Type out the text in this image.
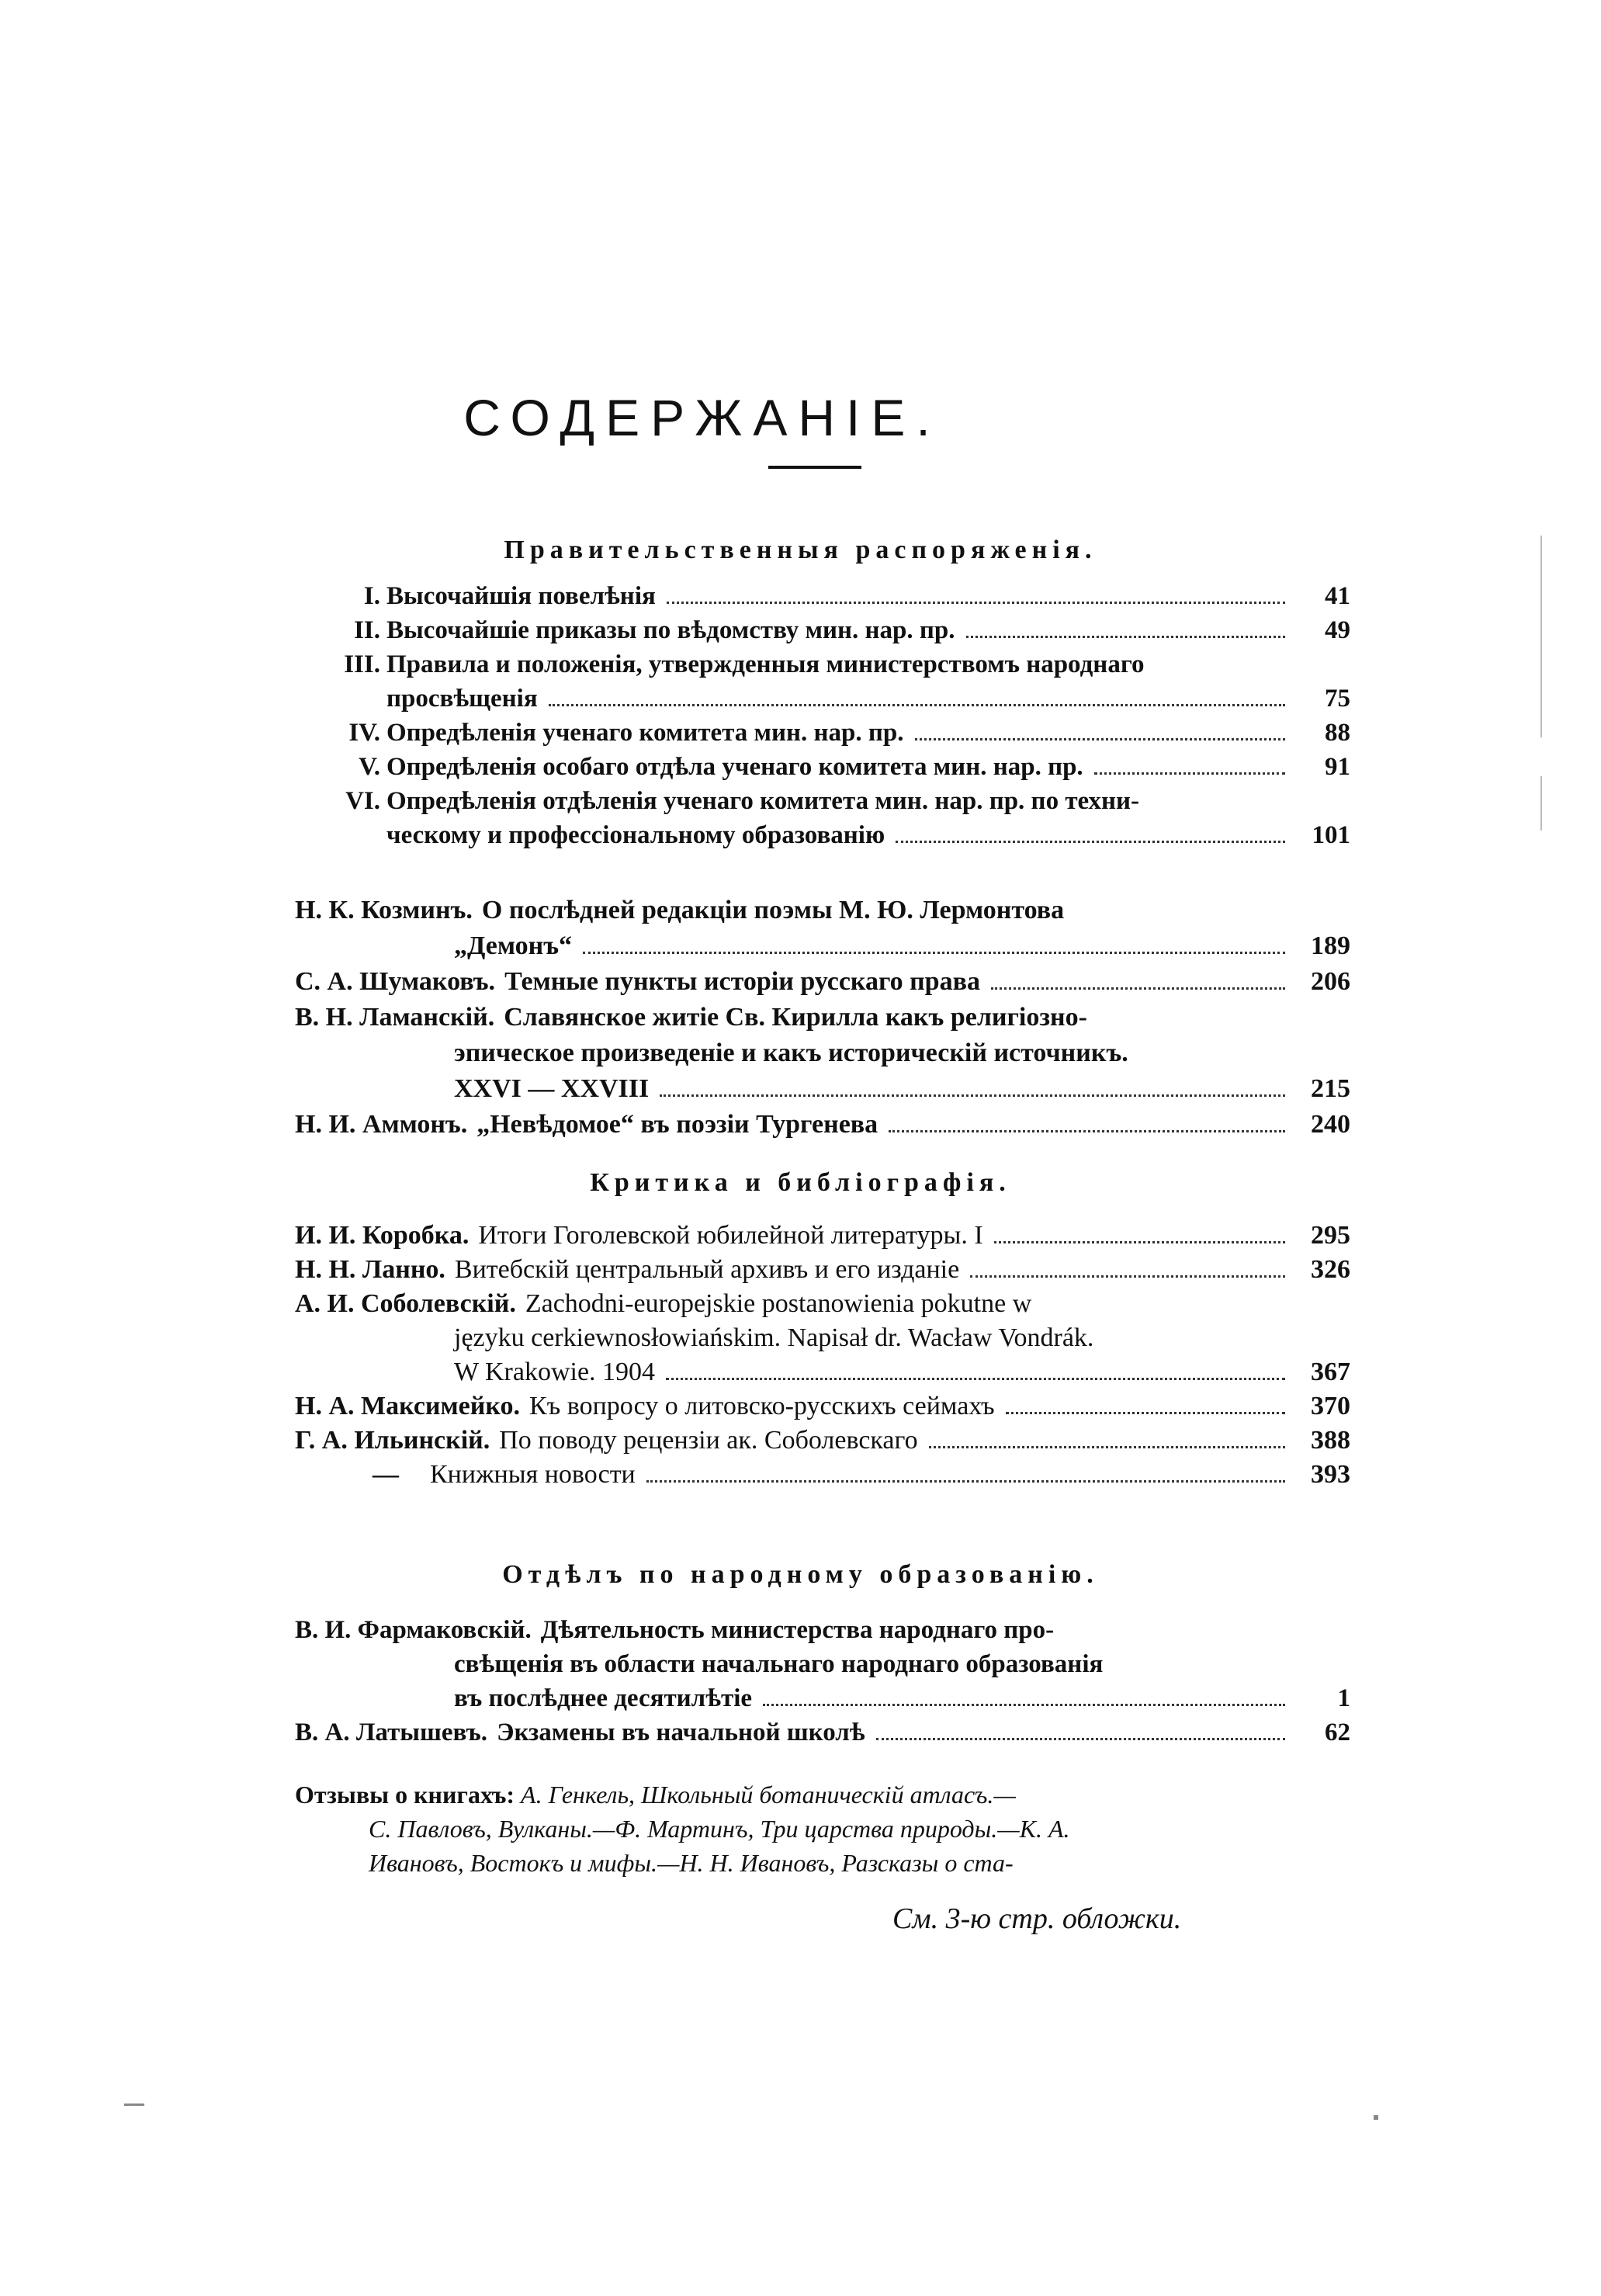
СОДЕРЖАНІЕ.
Правительственныя распоряженія.
I. Высочайшія повелѣнія	41
II. Высочайшіе приказы по вѣдомству мин. нар. пр.	49
III. Правила и положенія, утвержденныя министерствомъ народнаго
просвѣщенія	75
IV. Опредѣленія ученаго комитета мин. нар. пр.	88
V. Опредѣленія особаго отдѣла ученаго комитета мин. нар. пр.	91
VI. Опредѣленія отдѣленія ученаго комитета мин. нар. пр. по техни-
ческому и профессіональному образованію	101
Н. К. Козминъ. О послѣдней редакціи поэмы М. Ю. Лермонтова
„Демонъ“	189
С. А. Шумаковъ. Темные пункты исторіи русскаго права	206
В. Н. Ламанскій. Славянское житіе Св. Кирилла какъ религіозно-
эпическое произведеніе и какъ историческій источникъ.
XXVI — XXVIII	215
Н. И. Аммонъ. „Невѣдомое“ въ поэзіи Тургенева	240
Критика и библіографія.
И. И. Коробка. Итоги Гоголевской юбилейной литературы. I	295
Н. Н. Ланно. Витебскій центральный архивъ и его изданіе	326
А. И. Соболевскій. Zachodni-europejskie postanowienia pokutne w
języku cerkiewnosłowiańskim. Napisał dr. Wacław Vondrák.
W Krakowie. 1904	367
Н. А. Максимейко. Къ вопросу о литовско-русскихъ сеймахъ	370
Г. А. Ильинскій. По поводу рецензіи ак. Соболевскаго	388
—	Книжныя новости	393
Отдѣлъ по народному образованію.
В. И. Фармаковскій. Дѣятельность министерства народнаго про-
свѣщенія въ области начальнаго народнаго образованія
въ послѣднее десятилѣтіе	1
В. А. Латышевъ. Экзамены въ начальной школѣ	62
Отзывы о книгахъ: А. Генкель, Школьный ботаническій атласъ.—
С. Павловъ, Вулканы.—Ф. Мартинъ, Три царства природы.—К. А.
Ивановъ, Востокъ и мифы.—Н. Н. Ивановъ, Разсказы о ста-
См. 3-ю стр. обложки.
